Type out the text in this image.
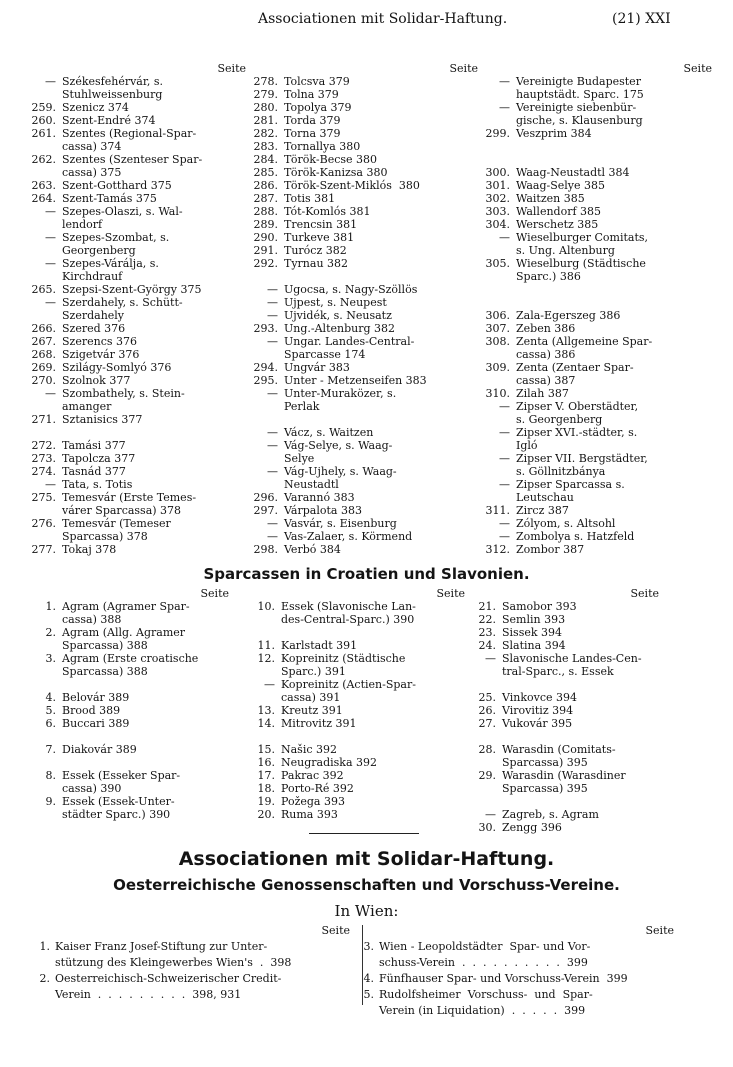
Associationen mit Solidar-Haftung.	(21) XXI
Seite
— Székesfehérvár, s.
Stuhlweissenburg
259. Szenicz 374
260. Szent-Endré 374
261. Szentes (Regional-Spar-
cassa) 374
262. Szentes (Szenteser Spar-
cassa) 375
263. Szent-Gotthard 375
264. Szent-Tamás 375
— Szepes-Olaszi, s. Wal-
lendorf
— Szepes-Szombat, s.
Georgenberg
— Szepes-Várálja, s.
Kirchdrauf
265. Szepsi-Szent-György 375
— Szerdahely, s. Schütt-
Szerdahely
266. Szered 376
267. Szerencs 376
268. Szigetvár 376
269. Szilágy-Somlyó 376
270. Szolnok 377
— Szombathely, s. Stein-
amanger
271. Sztanisics 377
272. Tamási 377
273. Tapolcza 377
274. Tasnád 377
— Tata, s. Totis
275. Temesvár (Erste Temes-
várer Sparcassa) 378
276. Temesvár (Temeser
Sparcassa) 378
277. Tokaj 378
Seite
278. Tolcsva 379
279. Tolna 379
280. Topolya 379
281. Torda 379
282. Torna 379
283. Tornallya 380
284. Török-Becse 380
285. Török-Kanizsa 380
286. Török-Szent-Miklós  380
287. Totis 381
288. Tót-Komlós 381
289. Trencsin 381
290. Turkeve 381
291. Turócz 382
292. Tyrnau 382
— Ugocsa, s. Nagy-Szöllös
— Ujpest, s. Neupest
— Ujvidék, s. Neusatz
293. Ung.-Altenburg 382
— Ungar. Landes-Central-
Sparcasse 174
294. Ungvár 383
295. Unter - Metzenseifen 383
— Unter-Muraközer, s.
Perlak
— Vácz, s. Waitzen
— Vág-Selye, s. Waag-
Selye
— Vág-Ujhely, s. Waag-
Neustadtl
296. Varannó 383
297. Várpalota 383
— Vasvár, s. Eisenburg
— Vas-Zalaer, s. Körmend
298. Verbó 384
Seite
— Vereinigte Budapester
hauptstädt. Sparc. 175
— Vereinigte siebenbür-
gische, s. Klausenburg
299. Veszprim 384
300. Waag-Neustadtl 384
301. Waag-Selye 385
302. Waitzen 385
303. Wallendorf 385
304. Werschetz 385
— Wieselburger Comitats,
s. Ung. Altenburg
305. Wieselburg (Städtische
Sparc.) 386
306. Zala-Egerszeg 386
307. Zeben 386
308. Zenta (Allgemeine Spar-
cassa) 386
309. Zenta (Zentaer Spar-
cassa) 387
310. Zilah 387
— Zipser V. Oberstädter,
s. Georgenberg
— Zipser XVI.-städter, s.
Igló
— Zipser VII. Bergstädter,
s. Göllnitzbánya
— Zipser Sparcassa s.
Leutschau
311. Zircz 387
— Zólyom, s. Altsohl
— Zombolya s. Hatzfeld
312. Zombor 387
Sparcassen in Croatien und Slavonien.
Seite
1. Agram (Agramer Spar-
cassa) 388
2. Agram (Allg. Agramer
Sparcassa) 388
3. Agram (Erste croatische
Sparcassa) 388
4. Belovár 389
5. Brood 389
6. Buccari 389
7. Diakovár 389
8. Essek (Esseker Spar-
cassa) 390
9. Essek (Essek-Unter-
städter Sparc.) 390
Seite
10. Essek (Slavonische Lan-
des-Central-Sparc.) 390
11. Karlstadt 391
12. Kopreinitz (Städtische
Sparc.) 391
— Kopreinitz (Actien-Spar-
cassa) 391
13. Kreutz 391
14. Mitrovitz 391
15. Našic 392
16. Neugradiska 392
17. Pakrac 392
18. Porto-Ré 392
19. Požega 393
20. Ruma 393
Seite
21. Samobor 393
22. Semlin 393
23. Sissek 394
24. Slatina 394
— Slavonische Landes-Cen-
tral-Sparc., s. Essek
25. Vinkovce 394
26. Virovitiz 394
27. Vukovár 395
28. Warasdin (Comitats-
Sparcassa) 395
29. Warasdin (Warasdiner
Sparcassa) 395
— Zagreb, s. Agram
30. Zengg 396
Associationen mit Solidar-Haftung.
Oesterreichische Genossenschaften und Vorschuss-Vereine.
In Wien:
Seite
1. Kaiser Franz Josef-Stiftung zur Unter-
stützung des Kleingewerbes Wien's  .  398
2. Oesterreichisch-Schweizerischer Credit-
Verein  .  .  .  .  .  .  .  .  .  398, 931
Seite
3. Wien - Leopoldstädter  Spar- und Vor-
schuss-Verein  .  .  .  .  .  .  .  .  .  .  399
4. Fünfhauser Spar- und Vorschuss-Verein  399
5. Rudolfsheimer  Vorschuss-  und  Spar-
Verein (in Liquidation)  .  .  .  .  .  399
